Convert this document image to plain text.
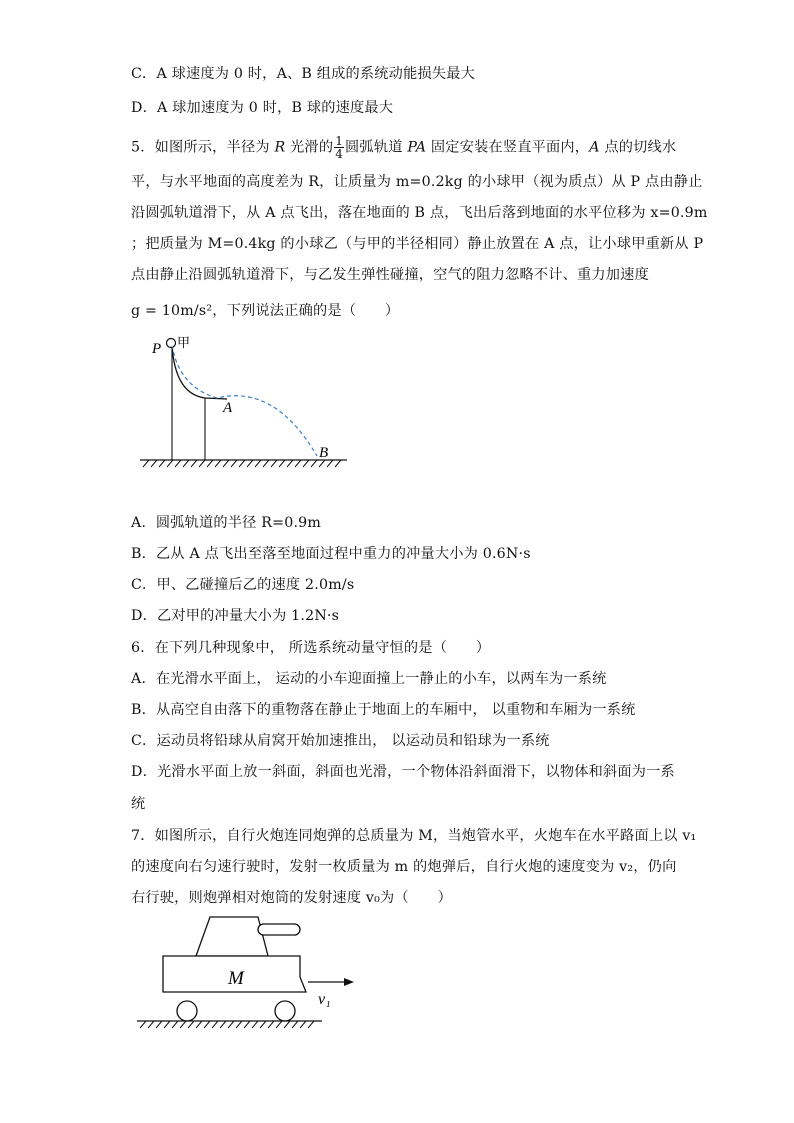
C．A 球速度为 0 时，A、B 组成的系统动能损失最大
D．A 球加速度为 0 时，B 球的速度最大
5．如图所示，半径为 R 光滑的 $\frac{1}{4}$ 圆弧轨道 PA 固定安装在竖直平面内，A 点的切线水
平，与水平地面的高度差为 R，让质量为 m=0.2kg 的小球甲（视为质点）从 P 点由静止
沿圆弧轨道滑下，从 A 点飞出，落在地面的 B 点，飞出后落到地面的水平位移为 x=0.9m
；把质量为 M=0.4kg 的小球乙（与甲的半径相同）静止放置在 A 点，让小球甲重新从 P
点由静止沿圆弧轨道滑下，与乙发生弹性碰撞，空气的阻力忽略不计、重力加速度
g = 10m/s²，下列说法正确的是（　　）
P 甲
A
B
A．圆弧轨道的半径 R=0.9m
B．乙从 A 点飞出至落至地面过程中重力的冲量大小为 0.6N·s
C．甲、乙碰撞后乙的速度 2.0m/s
D．乙对甲的冲量大小为 1.2N·s
6．在下列几种现象中， 所选系统动量守恒的是（　　）
A．在光滑水平面上， 运动的小车迎面撞上一静止的小车，以两车为一系统
B．从高空自由落下的重物落在静止于地面上的车厢中， 以重物和车厢为一系统
C．运动员将铅球从肩窝开始加速推出， 以运动员和铅球为一系统
D．光滑水平面上放一斜面，斜面也光滑，一个物体沿斜面滑下，以物体和斜面为一系
统
7．如图所示，自行火炮连同炮弹的总质量为 M，当炮管水平，火炮车在水平路面上以 v₁
的速度向右匀速行驶时，发射一枚质量为 m 的炮弹后，自行火炮的速度变为 v₂，仍向
右行驶，则炮弹相对炮筒的发射速度 v₀为（　　）
M
v₁
